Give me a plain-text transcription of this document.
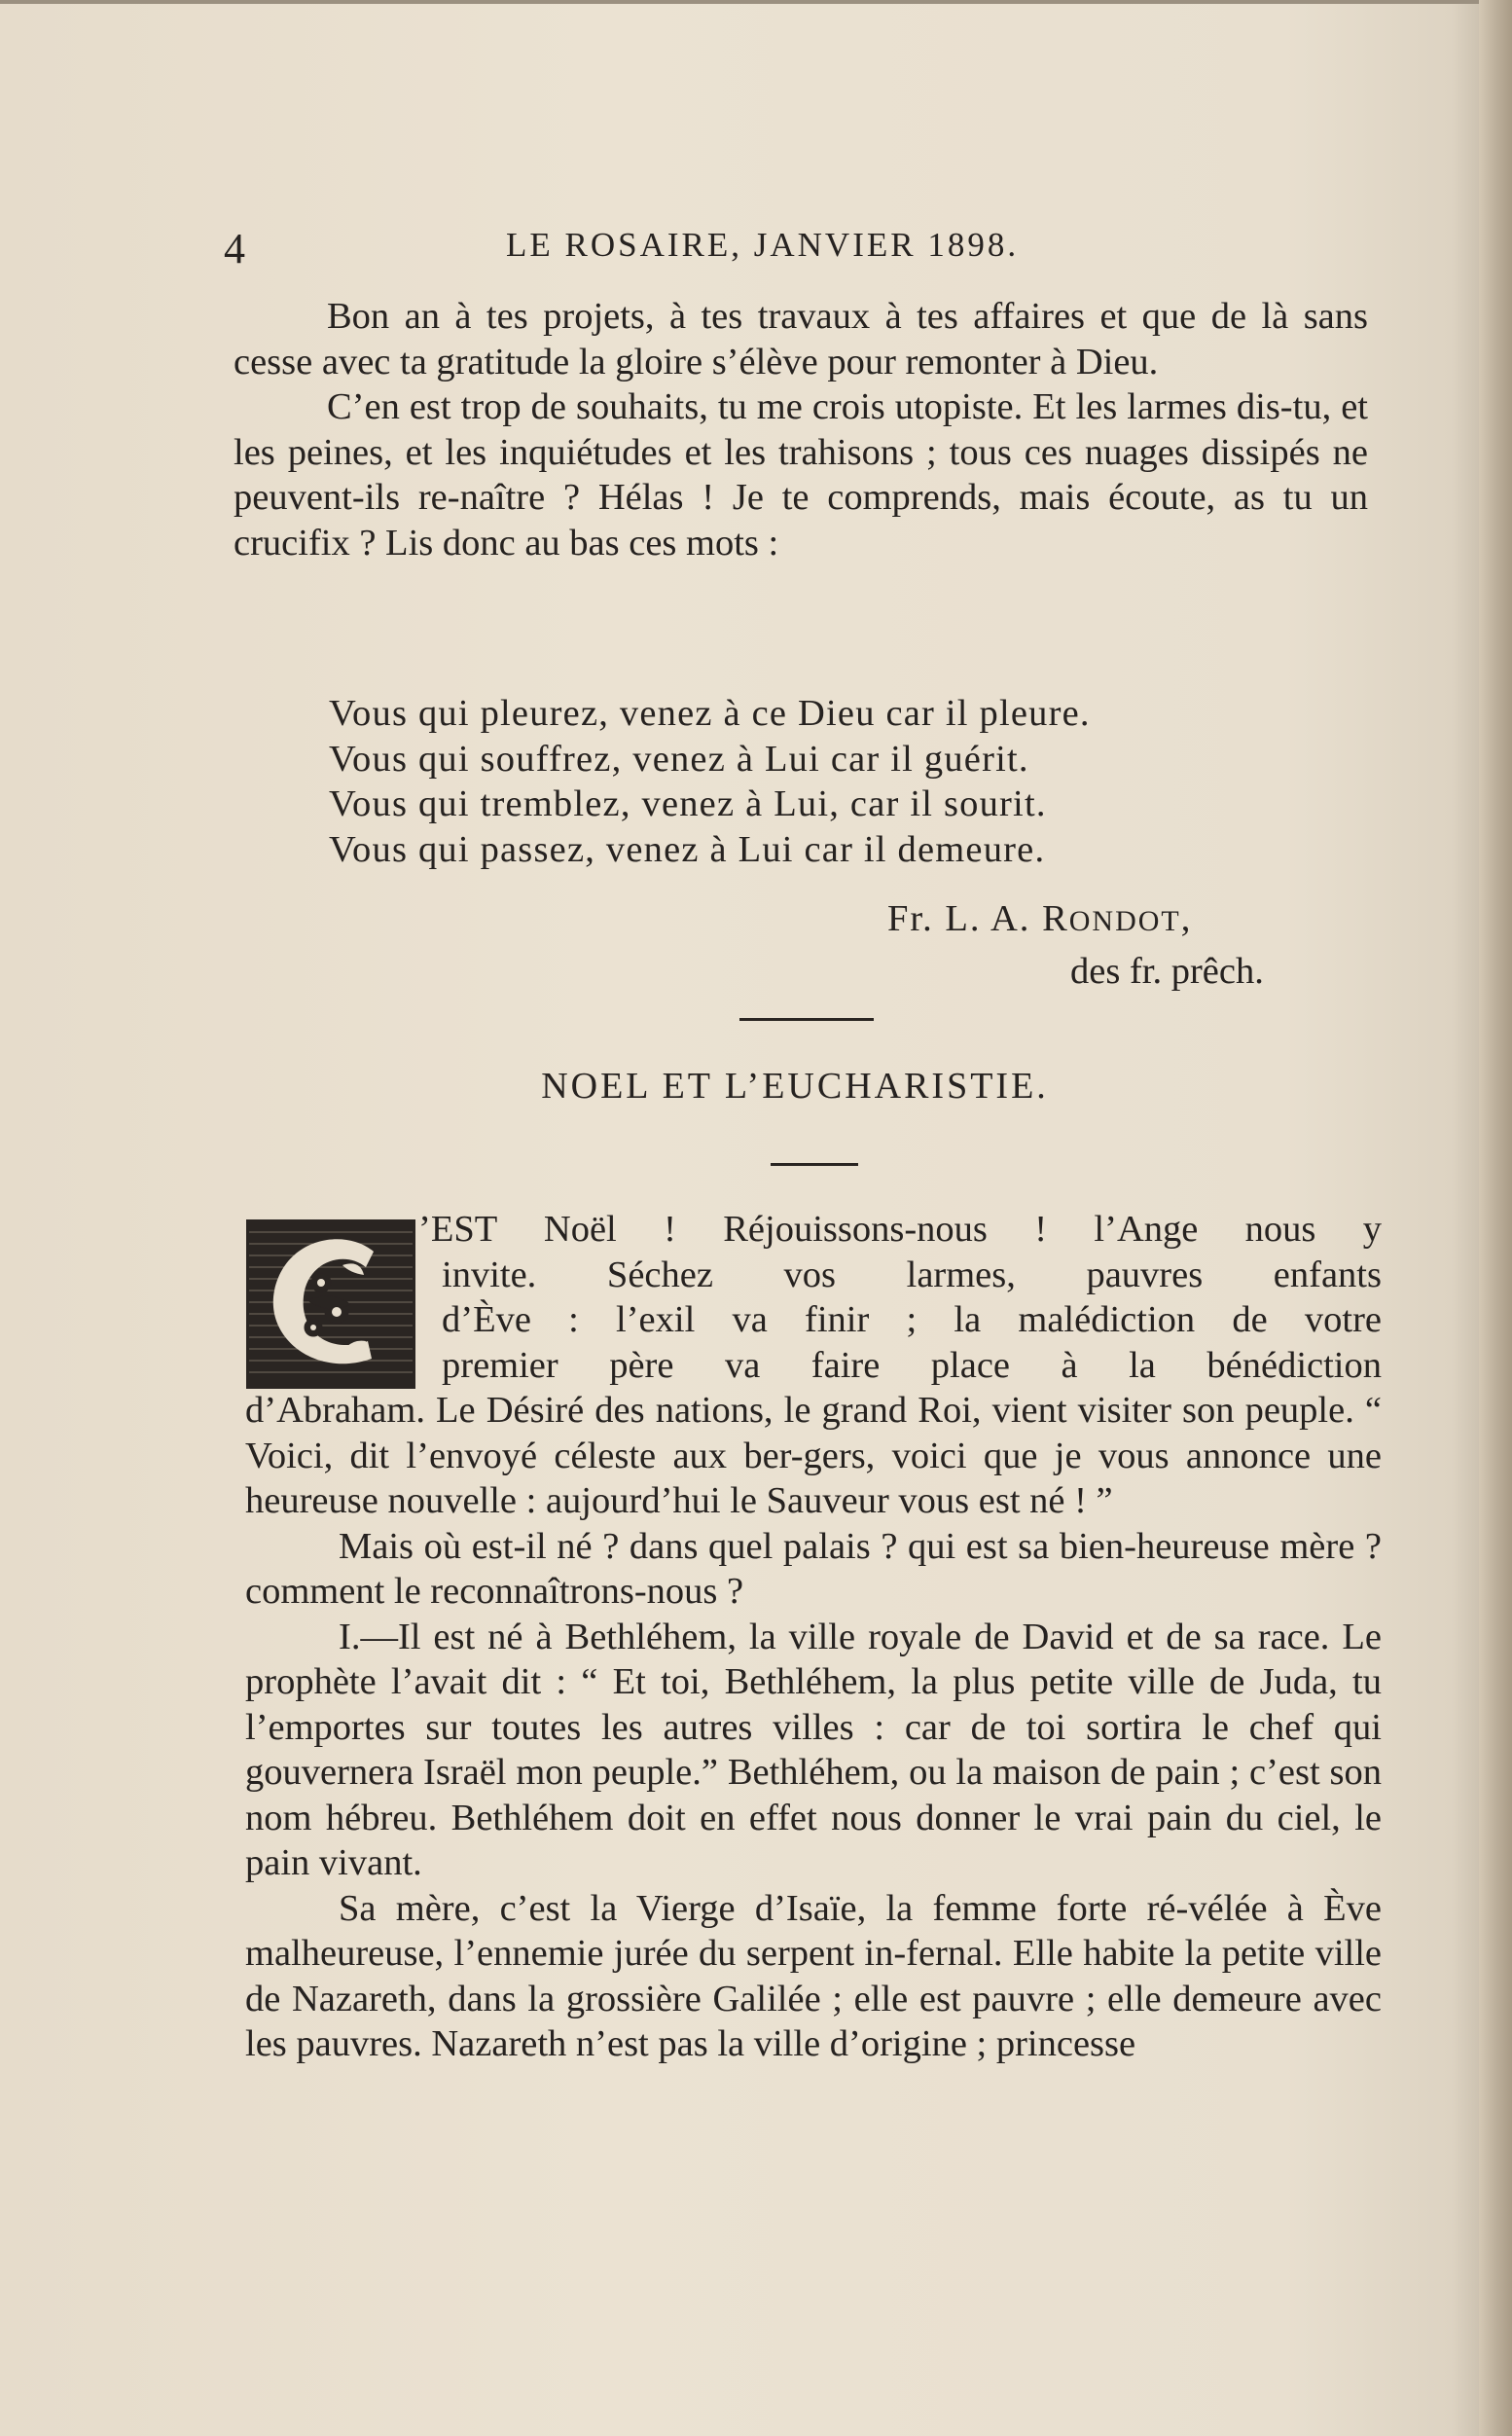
4	LE ROSAIRE, JANVIER 1898.

Bon an à tes projets, à tes travaux à tes affaires et que de là sans cesse avec ta gratitude la gloire s’élève pour remonter à Dieu.

C’en est trop de souhaits, tu me crois utopiste. Et les larmes dis-tu, et les peines, et les inquiétudes et les trahisons ; tous ces nuages dissipés ne peuvent-ils re-naître ? Hélas ! Je te comprends, mais écoute, as tu un crucifix ? Lis donc au bas ces mots :

Vous qui pleurez, venez à ce Dieu car il pleure.
Vous qui souffrez, venez à Lui car il guérit.
Vous qui tremblez, venez à Lui, car il sourit.
Vous qui passez, venez à Lui car il demeure.
Fr. L. A. RONDOT,
des fr. prêch.
NOEL ET L’EUCHARISTIE.
’EST Noël ! Réjouissons-nous ! l’Ange nous y
invite. Séchez vos larmes, pauvres enfants
d’Ève : l’exil va finir ; la malédiction de votre
premier père va faire place à la bénédiction

d’Abraham. Le Désiré des nations, le grand Roi, vient visiter son peuple. “ Voici, dit l’envoyé céleste aux ber-gers, voici que je vous annonce une heureuse nouvelle : aujourd’hui le Sauveur vous est né ! ”

Mais où est-il né ? dans quel palais ? qui est sa bien-heureuse mère ? comment le reconnaîtrons-nous ?

I.—Il est né à Bethléhem, la ville royale de David et de sa race. Le prophète l’avait dit : “ Et toi, Bethléhem, la plus petite ville de Juda, tu l’emportes sur toutes les autres villes : car de toi sortira le chef qui gouvernera Israël mon peuple.” Bethléhem, ou la maison de pain ; c’est son nom hébreu. Bethléhem doit en effet nous donner le vrai pain du ciel, le pain vivant.

Sa mère, c’est la Vierge d’Isaïe, la femme forte ré-vélée à Ève malheureuse, l’ennemie jurée du serpent in-fernal. Elle habite la petite ville de Nazareth, dans la grossière Galilée ; elle est pauvre ; elle demeure avec les pauvres. Nazareth n’est pas la ville d’origine ; princesse
